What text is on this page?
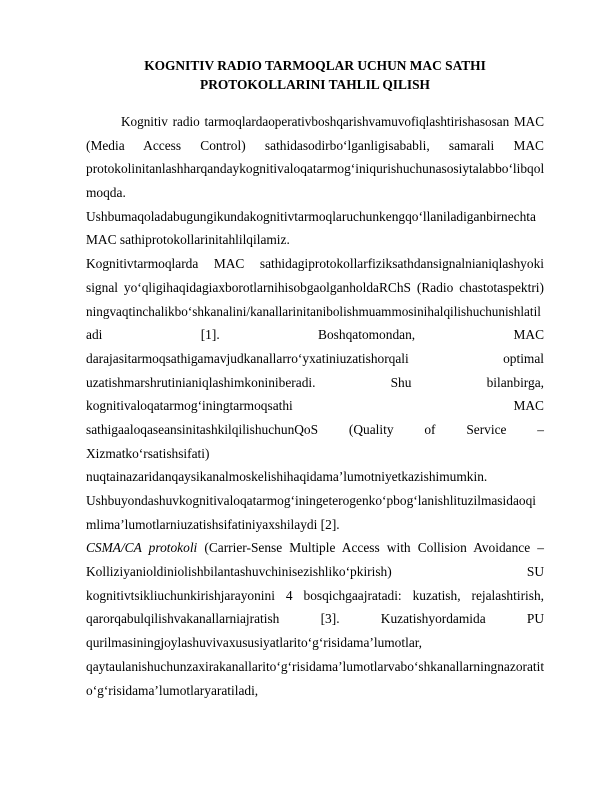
KOGNITIV RADIO TARMOQLAR UCHUN MAC SATHI
PROTOKOLLARINI TAHLIL QILISH
Kognitiv radio tarmoqlardaoperativboshqarishvamuvofiqlashtirishasosan MAC
(Media Access Control) sathidasodirbo‘lganligisababli, samarali MAC
protokolinitanlashharqandaykognitivaloqatarmog‘iniqurishuchunasosiytalabbo‘libqol
moqda.
Ushbumaqoladabugungikundakognitivtarmoqlaruchunkengqo‘llaniladiganbirnechta
MAC sathiprotokollarinitahlilqilamiz.
Kognitivtarmoqlarda MAC sathidagiprotokollarfiziksathdansignalnianiqlashyoki
signal yo‘qligihaqidagiaxborotlarnihisobgaolganholdaRChS (Radio chastotaspektri)
ningvaqtinchalikbo‘shkanalini/kanallarinitanibolishmuammosinihalqilishuchunishlatil
adi [1]. Boshqatomondan, MAC
darajasitarmoqsathigamavjudkanallarro‘yxatiniuzatishorqali optimal
uzatishmarshrutinianiqlashimkoniniberadi. Shu bilanbirga,
kognitivaloqatarmog‘iningtarmoqsathi MAC
sathigaaloqaseansinitashkilqilishuchunQoS (Quality of Service –
Xizmatko‘rsatishsifati)
nuqtainazaridanqaysikanalmoskelishihaqidama’lumotniyetkazishimumkin.
Ushbuyondashuvkognitivaloqatarmog‘iningeterogenko‘pbog‘lanishlituzilmasidaoqi
mlima’lumotlarniuzatishsifatiniyaxshilaydi [2].
CSMA/CA protokoli (Carrier-Sense Multiple Access with Collision Avoidance –
Kolliziyanioldiniolishbilantashuvchinisezishliko‘pkirish) SU
kognitivtsikliuchunkirishjarayonini 4 bosqichgaajratadi: kuzatish, rejalashtirish,
qarorqabulqilishvakanallarniajratish [3]. Kuzatishyordamida PU
qurilmasiningjoylashuvivaxususiyatlarito‘g‘risidama’lumotlar,
qaytaulanishuchunzaxirakanallarito‘g‘risidama’lumotlarvabo‘shkanallarningnazoratit
o‘g‘risidama’lumotlaryaratiladi,
